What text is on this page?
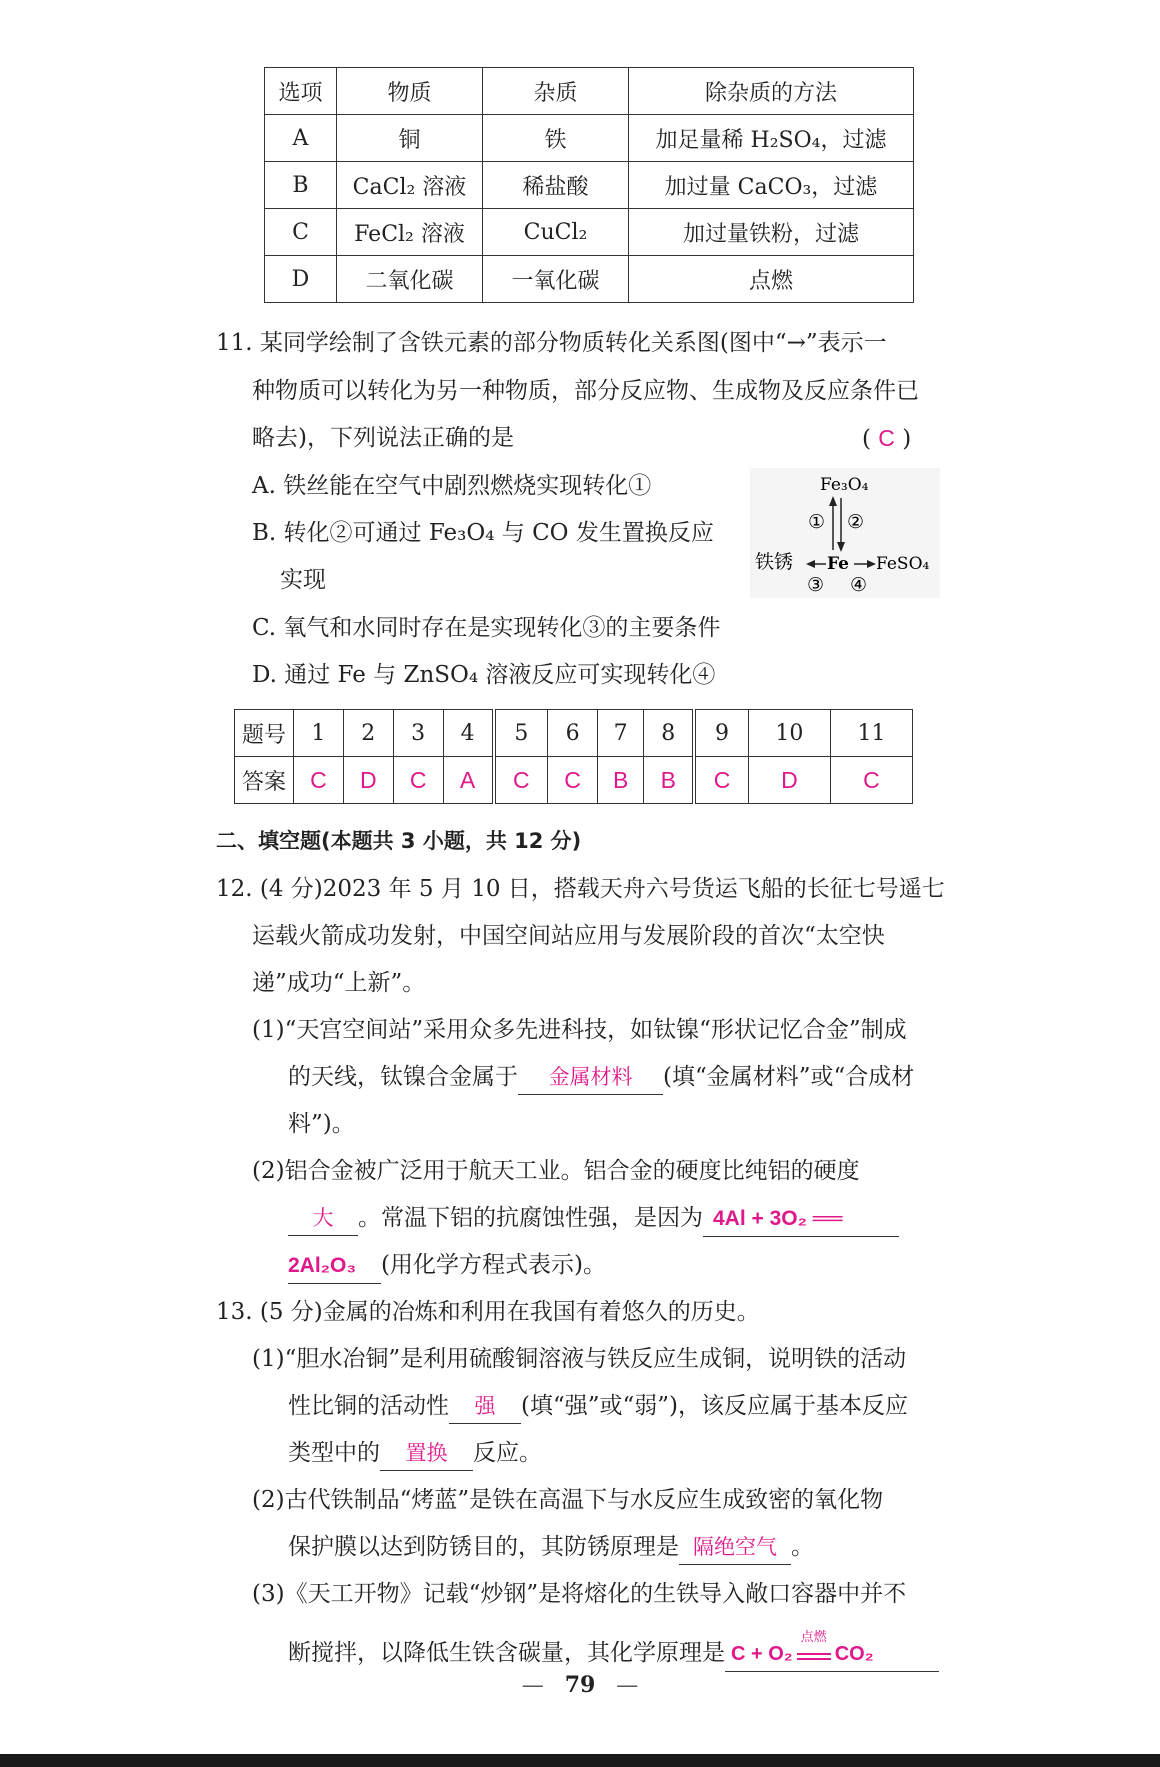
选项	物质	杂质	除杂质的方法
A	铜	铁	加足量稀 H₂SO₄，过滤
B	CaCl₂ 溶液	稀盐酸	加过量 CaCO₃，过滤
C	FeCl₂ 溶液	CuCl₂	加过量铁粉，过滤
D	二氧化碳	一氧化碳	点燃
11. 某同学绘制了含铁元素的部分物质转化关系图(图中“→”表示一
种物质可以转化为另一种物质，部分反应物、生成物及反应条件已
略去)，下列说法正确的是	( C )
A. 铁丝能在空气中剧烈燃烧实现转化①
B. 转化②可通过 Fe₃O₄ 与 CO 发生置换反应
实现
C. 氧气和水同时存在是实现转化③的主要条件
D. 通过 Fe 与 ZnSO₄ 溶液反应可实现转化④
Fe₃O₄
① ②
铁锈 Fe FeSO₄
③ ④
题号	1	2	3	4	5	6	7	8	9	10	11
答案	C	D	C	A	C	C	B	B	C	D	C
二、填空题(本题共 3 小题，共 12 分)
12. (4 分)2023 年 5 月 10 日，搭载天舟六号货运飞船的长征七号遥七
运载火箭成功发射，中国空间站应用与发展阶段的首次“太空快
递”成功“上新”。
(1)“天宫空间站”采用众多先进科技，如钛镍“形状记忆合金”制成
的天线，钛镍合金属于 金属材料 (填“金属材料”或“合成材
料”)。
(2)铝合金被广泛用于航天工业。铝合金的硬度比纯铝的硬度
大 。常温下铝的抗腐蚀性强，是因为 4Al + 3O₂ ══
2Al₂O₃ (用化学方程式表示)。
13. (5 分)金属的冶炼和利用在我国有着悠久的历史。
(1)“胆水冶铜”是利用硫酸铜溶液与铁反应生成铜，说明铁的活动
性比铜的活动性 强 (填“强”或“弱”)，该反应属于基本反应
类型中的 置换 反应。
(2)古代铁制品“烤蓝”是铁在高温下与水反应生成致密的氧化物
保护膜以达到防锈目的，其防锈原理是 隔绝空气 。
(3)《天工开物》记载“炒钢”是将熔化的生铁导入敞口容器中并不
断搅拌，以降低生铁含碳量，其化学原理是 C + O₂
点燃
CO₂
—   79   —
